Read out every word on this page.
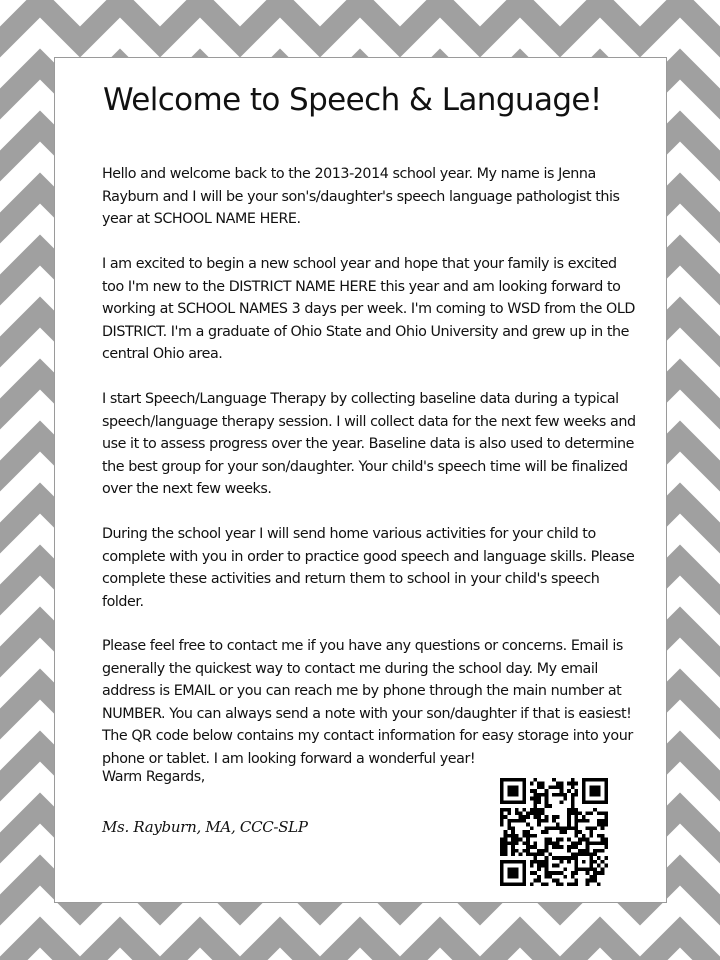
Welcome to Speech & Language!

Hello and welcome back to the 2013-2014 school year. My name is Jenna Rayburn and I will be your son's/daughter's speech language pathologist this year at SCHOOL NAME HERE.

I am excited to begin a new school year and hope that your family is excited too I'm new to the DISTRICT NAME HERE this year and am looking forward to working at SCHOOL NAMES 3 days per week. I'm coming to WSD from the OLD DISTRICT. I'm a graduate of Ohio State and Ohio University and grew up in the central Ohio area.

I start Speech/Language Therapy by collecting baseline data during a typical speech/language therapy session. I will collect data for the next few weeks and use it to assess progress over the year. Baseline data is also used to determine the best group for your son/daughter. Your child's speech time will be finalized over the next few weeks.

During the school year I will send home various activities for your child to complete with you in order to practice good speech and language skills. Please complete these activities and return them to school in your child's speech folder.

Please feel free to contact me if you have any questions or concerns. Email is generally the quickest way to contact me during the school day. My email address is EMAIL or you can reach me by phone through the main number at NUMBER. You can always send a note with your son/daughter if that is easiest! The QR code below contains my contact information for easy storage into your phone or tablet. I am looking forward a wonderful year!

Warm Regards,

Ms. Rayburn, MA, CCC-SLP
